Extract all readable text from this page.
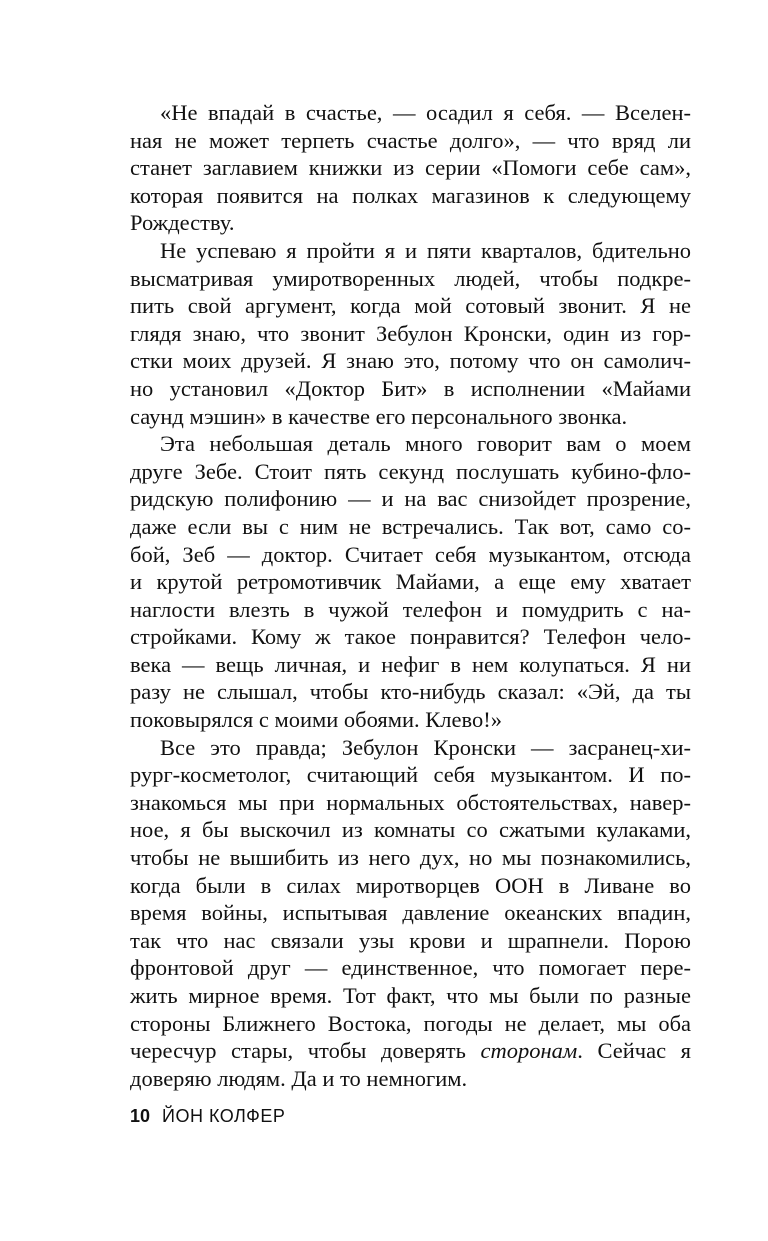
«Не впадай в счастье, — осадил я себя. — Вселен-
ная не может терпеть счастье долго», — что вряд ли
станет заглавием книжки из серии «Помоги себе сам»,
которая появится на полках магазинов к следующему
Рождеству.
Не успеваю я пройти я и пяти кварталов, бдительно
высматривая умиротворенных людей, чтобы подкре-
пить свой аргумент, когда мой сотовый звонит. Я не
глядя знаю, что звонит Зебулон Кронски, один из гор-
стки моих друзей. Я знаю это, потому что он самолич-
но установил «Доктор Бит» в исполнении «Майами
саунд мэшин» в качестве его персонального звонка.
Эта небольшая деталь много говорит вам о моем
друге Зебе. Стоит пять секунд послушать кубино-фло-
ридскую полифонию — и на вас снизойдет прозрение,
даже если вы с ним не встречались. Так вот, само со-
бой, Зеб — доктор. Считает себя музыкантом, отсюда
и крутой ретромотивчик Майами, а еще ему хватает
наглости влезть в чужой телефон и помудрить с на-
стройками. Кому ж такое понравится? Телефон чело-
века — вещь личная, и нефиг в нем колупаться. Я ни
разу не слышал, чтобы кто-нибудь сказал: «Эй, да ты
поковырялся с моими обоями. Клево!»
Все это правда; Зебулон Кронски — засранец-хи-
рург-косметолог, считающий себя музыкантом. И по-
знакомься мы при нормальных обстоятельствах, навер-
ное, я бы выскочил из комнаты со сжатыми кулаками,
чтобы не вышибить из него дух, но мы познакомились,
когда были в силах миротворцев ООН в Ливане во
время войны, испытывая давление океанских впадин,
так что нас связали узы крови и шрапнели. Порою
фронтовой друг — единственное, что помогает пере-
жить мирное время. Тот факт, что мы были по разные
стороны Ближнего Востока, погоды не делает, мы оба
чересчур стары, чтобы доверять сторонам. Сейчас я
доверяю людям. Да и то немногим.
10 ЙОН КОЛФЕР
